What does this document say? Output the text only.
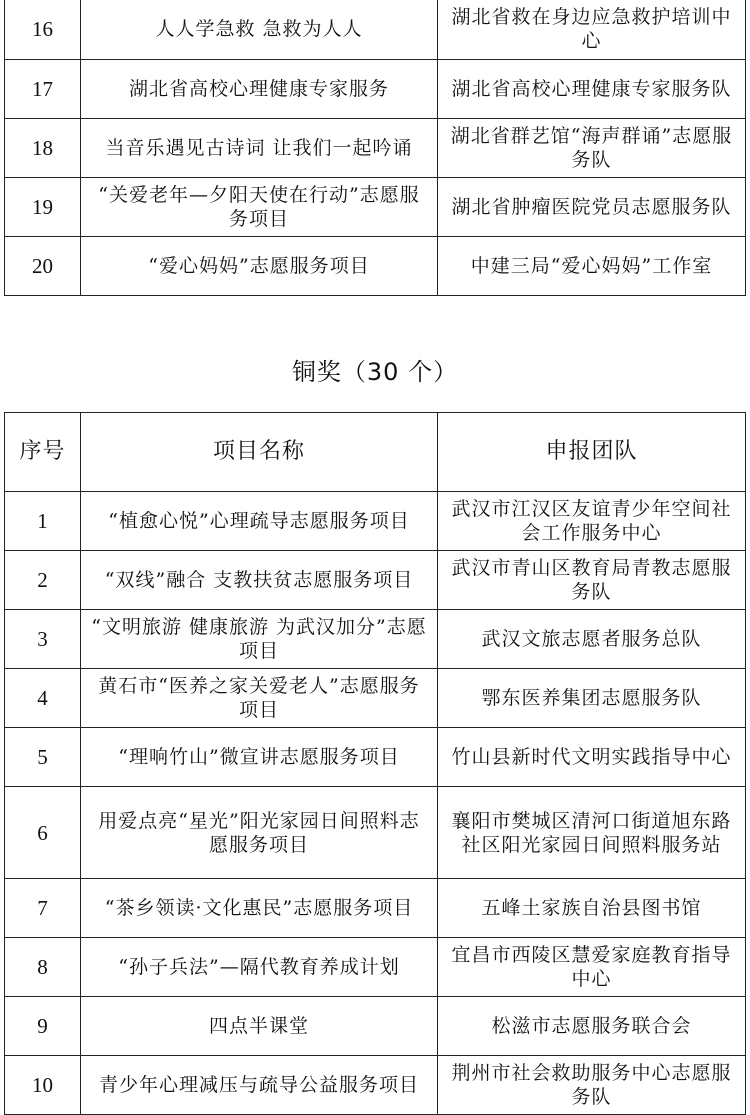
16	人人学急救 急救为人人	湖北省救在身边应急救护培训中心
17	湖北省高校心理健康专家服务	湖北省高校心理健康专家服务队
18	当音乐遇见古诗词 让我们一起吟诵	湖北省群艺馆“海声群诵”志愿服务队
19	“关爱老年—夕阳天使在行动”志愿服务项目	湖北省肿瘤医院党员志愿服务队
20	“爱心妈妈”志愿服务项目	中建三局“爱心妈妈”工作室
铜奖（30 个）
序号	项目名称	申报团队
1	“植愈心悦”心理疏导志愿服务项目	武汉市江汉区友谊青少年空间社会工作服务中心
2	“双线”融合 支教扶贫志愿服务项目	武汉市青山区教育局青教志愿服务队
3	“文明旅游 健康旅游 为武汉加分”志愿项目	武汉文旅志愿者服务总队
4	黄石市“医养之家关爱老人”志愿服务项目	鄂东医养集团志愿服务队
5	“理响竹山”微宣讲志愿服务项目	竹山县新时代文明实践指导中心
6	用爱点亮“星光”阳光家园日间照料志愿服务项目	襄阳市樊城区清河口街道旭东路社区阳光家园日间照料服务站
7	“茶乡领读·文化惠民”志愿服务项目	五峰土家族自治县图书馆
8	“孙子兵法”—隔代教育养成计划	宜昌市西陵区慧爱家庭教育指导中心
9	四点半课堂	松滋市志愿服务联合会
10	青少年心理减压与疏导公益服务项目	荆州市社会救助服务中心志愿服务队
